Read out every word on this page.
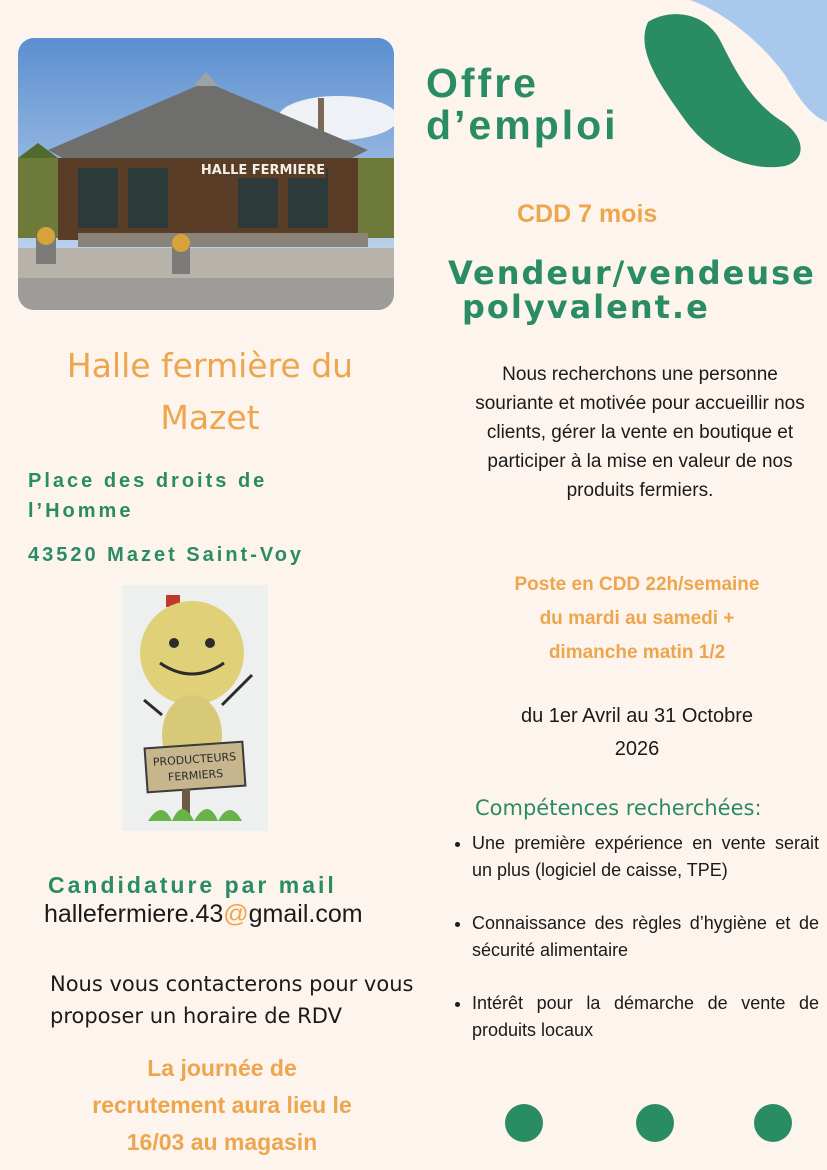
HALLE FERMIERE
Offre
d’emploi
CDD 7 mois
Vendeur/vendeuse
polyvalent.e
Halle fermière du
Mazet
Place des droits de l’Homme
43520 Mazet Saint-Voy
PRODUCTEURS
FERMIERS
Nous recherchons une personne souriante et motivée pour accueillir nos clients, gérer la vente en boutique et participer à la mise en valeur de nos produits fermiers.
Poste en CDD 22h/semaine
du mardi au samedi +
dimanche matin 1/2
du 1er Avril au 31 Octobre
2026
Compétences recherchées:
• Une première expérience en vente serait un plus (logiciel de caisse, TPE)
• Connaissance des règles d’hygiène et de sécurité alimentaire
• Intérêt pour la démarche de vente de produits locaux
Candidature par mail
hallefermiere.43@gmail.com
Nous vous contacterons pour vous proposer un horaire de RDV
La journée de
recrutement aura lieu le
16/03 au magasin
